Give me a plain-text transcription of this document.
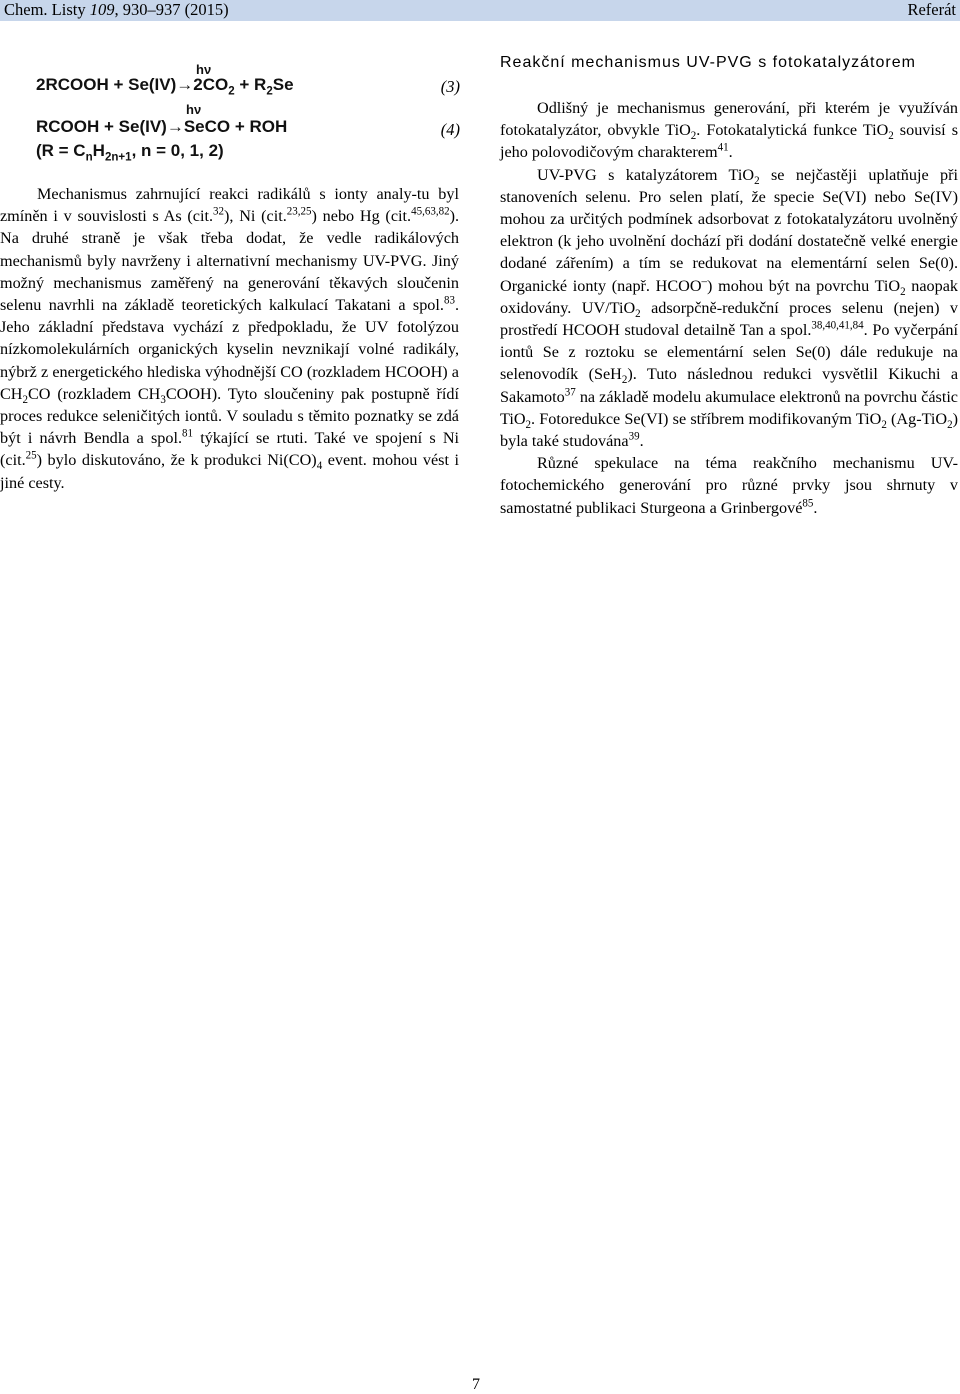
Chem. Listy 109, 930–937 (2015)	Referát
hν
2RCOOH + $Se(IV)\to 2CO_2 + R_2Se$	(3)
hν
RCOOH + Se(IV)→SeCO + ROH	(4)
($R = C_nH_{2n+1}$, n = 0, 1, 2)

Mechanismus zahrnující reakci radikálů s ionty analy-tu byl zmíněn i v souvislosti s As (cit.$^{32}$), Ni (cit.$^{23,25}$) nebo Hg (cit.$^{45,63,82}$). Na druhé straně je však třeba dodat, že vedle radikálových mechanismů byly navrženy i alternativní mechanismy UV-PVG. Jiný možný mechanismus zaměřený na generování těkavých sloučenin selenu navrhli na základě teoretických kalkulací Takatani a spol.$^{83}$. Jeho základní představa vychází z předpokladu, že UV fotolýzou nízkomolekulárních organických kyselin nevznikají volné radikály, nýbrž z energetického hlediska výhodnější CO (rozkladem HCOOH) a $CH_2CO$ (rozkladem $CH_3COOH$). Tyto sloučeniny pak postupně řídí proces redukce seleničitých iontů. V souladu s těmito poznatky se zdá být i návrh Bendla a spol.$^{81}$ týkající se rtuti. Také ve spojení s Ni (cit.$^{25}$) bylo diskutováno, že k produkci $Ni(CO)_4$ event. mohou vést i jiné cesty.

Reakční mechanismus UV-PVG s fotokatalyzátorem

Odlišný je mechanismus generování, při kterém je využíván fotokatalyzátor, obvykle TiO$_2$. Fotokatalytická funkce TiO$_2$ souvisí s jeho polovodičovým charakterem$^{41}$.

UV-PVG s katalyzátorem TiO$_2$ se nejčastěji uplatňuje při stanoveních selenu. Pro selen platí, že specie Se(VI) nebo Se(IV) mohou za určitých podmínek adsorbovat z fotokatalyzátoru uvolněný elektron (k jeho uvolnění dochází při dodání dostatečně velké energie dodané zářením) a tím se redukovat na elementární selen Se(0). Organické ionty (např. HCOO–) mohou být na povrchu TiO$_2$ naopak oxidovány. UV/TiO$_2$ adsorpčně-redukční proces selenu (nejen) v prostředí HCOOH studoval detailně Tan a spol.$^{38,40,41,84}$. Po vyčerpání iontů Se z roztoku se elementární selen Se(0) dále redukuje na selenovodík (SeH$_2$). Tuto následnou redukci vysvětlil Kikuchi a Sakamoto$^{37}$ na základě modelu akumulace elektronů na povrchu částic TiO$_2$. Fotoredukce Se(VI) se stříbrem modifikovaným TiO$_2$ (Ag-TiO$_2$) byla také studována$^{39}$.

Různé spekulace na téma reakčního mechanismu UV-fotochemického generování pro různé prvky jsou shrnuty v samostatné publikaci Sturgeona a Grinbergové$^{85}$.

7
